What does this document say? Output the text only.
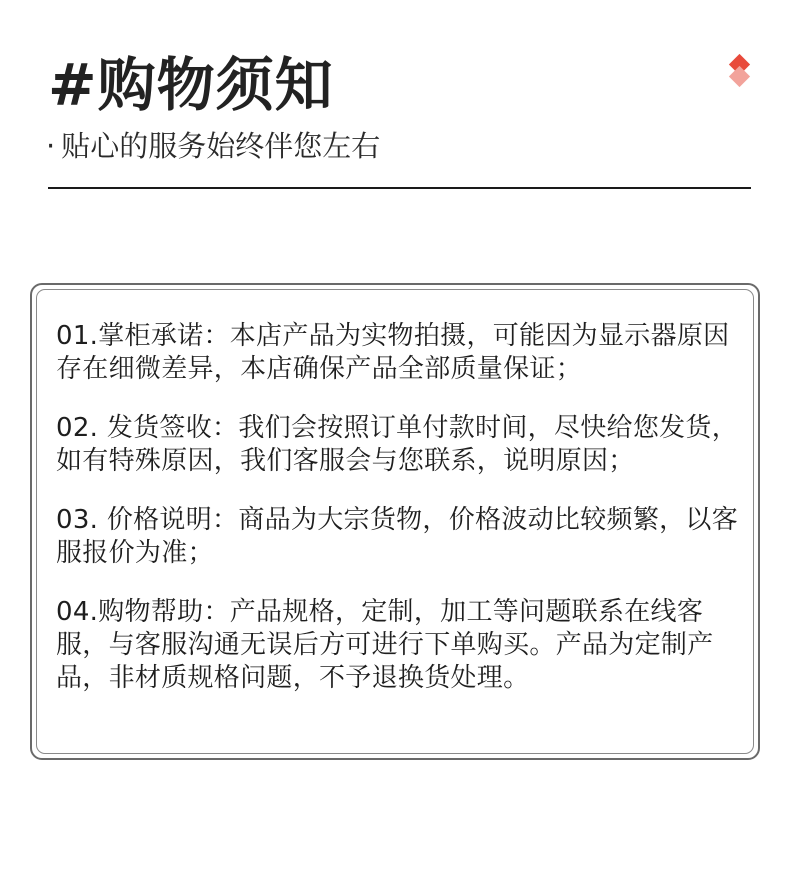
#购物须知
· 贴心的服务始终伴您左右

01.掌柜承诺：本店产品为实物拍摄，可能因为显示器原因存在细微差异，本店确保产品全部质量保证；

02. 发货签收：我们会按照订单付款时间，尽快给您发货，如有特殊原因，我们客服会与您联系，说明原因；

03. 价格说明：商品为大宗货物，价格波动比较频繁，以客服报价为准；

04.购物帮助：产品规格，定制，加工等问题联系在线客服，与客服沟通无误后方可进行下单购买。产品为定制产品，非材质规格问题，不予退换货处理。
